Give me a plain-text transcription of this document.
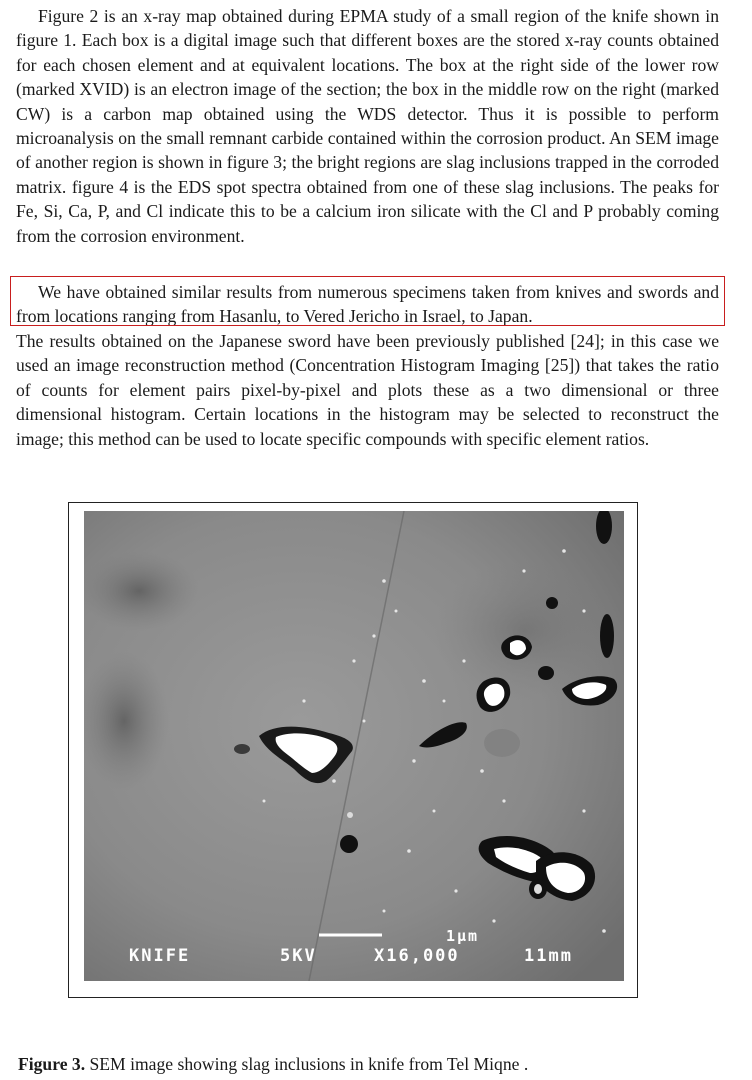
Figure 2 is an x-ray map obtained during EPMA study of a small region of the knife shown in figure 1. Each box is a digital image such that different boxes are the stored x-ray counts obtained for each chosen element and at equivalent locations. The box at the right side of the lower row (marked XVID) is an electron image of the section; the box in the middle row on the right (marked CW) is a carbon map obtained using the WDS detector. Thus it is possible to perform microanalysis on the small remnant carbide contained within the corrosion product. An SEM image of another region is shown in figure 3; the bright regions are slag inclusions trapped in the corroded matrix. figure 4 is the EDS spot spectra obtained from one of these slag inclusions. The peaks for Fe, Si, Ca, P, and Cl indicate this to be a calcium iron silicate with the Cl and P probably coming from the corrosion environment.

We have obtained similar results from numerous specimens taken from knives and swords and from locations ranging from Hasanlu, to Vered Jericho in Israel, to Japan.

The results obtained on the Japanese sword have been previously published [24]; in this case we used an image reconstruction method (Concentration Histogram Imaging [25]) that takes the ratio of counts for element pairs pixel-by-pixel and plots these as a two dimensional or three dimensional histogram. Certain locations in the histogram may be selected to reconstruct the image; this method can be used to locate specific compounds with specific element ratios.

1µm
KNIFE	5KV	X16,000	11mm

Figure 3. SEM image showing slag inclusions in knife from Tel Miqne .
